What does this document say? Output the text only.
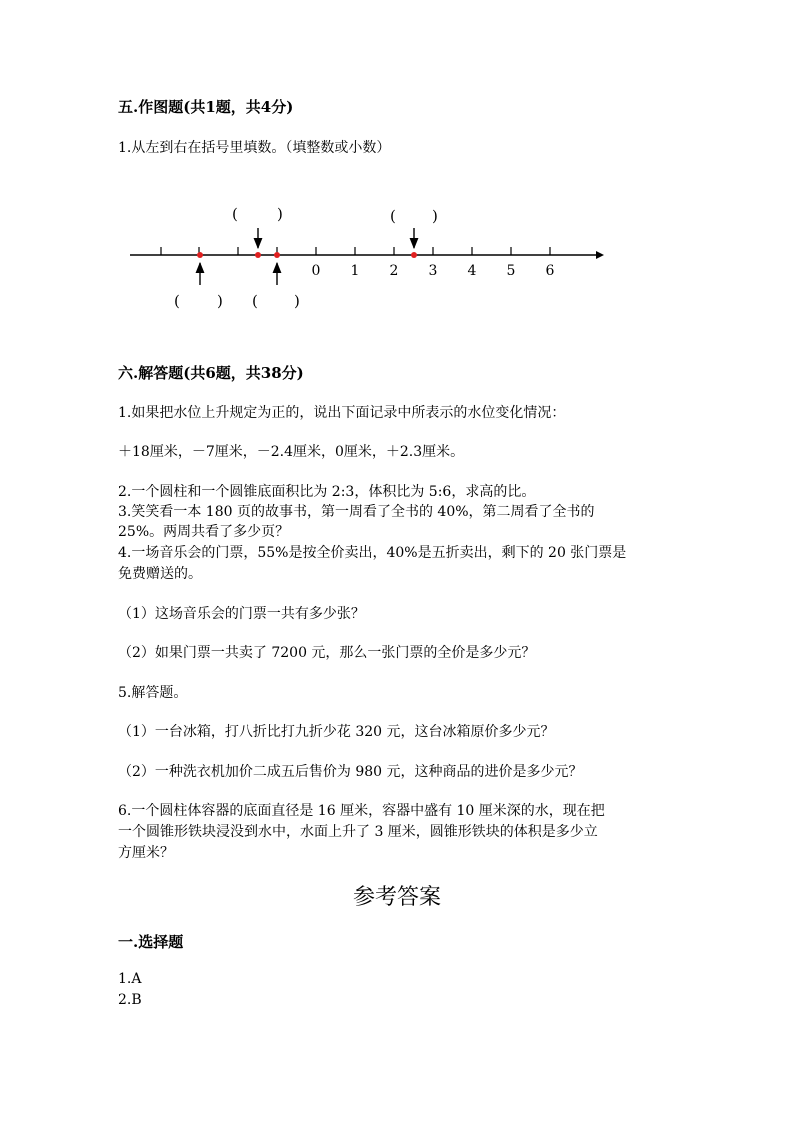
五.作图题(共1题，共4分)
1.从左到右在括号里填数。（填整数或小数）
0 1 2 3 4 5 6
(	)	( )
( ) ( )
六.解答题(共6题，共38分)
1.如果把水位上升规定为正的，说出下面记录中所表示的水位变化情况：
＋18厘米，－7厘米，－2.4厘米，0厘米，＋2.3厘米。
2.一个圆柱和一个圆锥底面积比为 2:3，体积比为 5:6，求高的比。
3.笑笑看一本 180 页的故事书，第一周看了全书的 40%，第二周看了全书的
25%。两周共看了多少页？
4.一场音乐会的门票，55%是按全价卖出，40%是五折卖出，剩下的 20 张门票是
免费赠送的。
（1）这场音乐会的门票一共有多少张？
（2）如果门票一共卖了 7200 元，那么一张门票的全价是多少元？
5.解答题。
（1）一台冰箱，打八折比打九折少花 320 元，这台冰箱原价多少元？
（2）一种洗衣机加价二成五后售价为 980 元，这种商品的进价是多少元？
6.一个圆柱体容器的底面直径是 16 厘米，容器中盛有 10 厘米深的水，现在把
一个圆锥形铁块浸没到水中，水面上升了 3 厘米，圆锥形铁块的体积是多少立
方厘米？
参考答案
一.选择题
1.A
2.B
